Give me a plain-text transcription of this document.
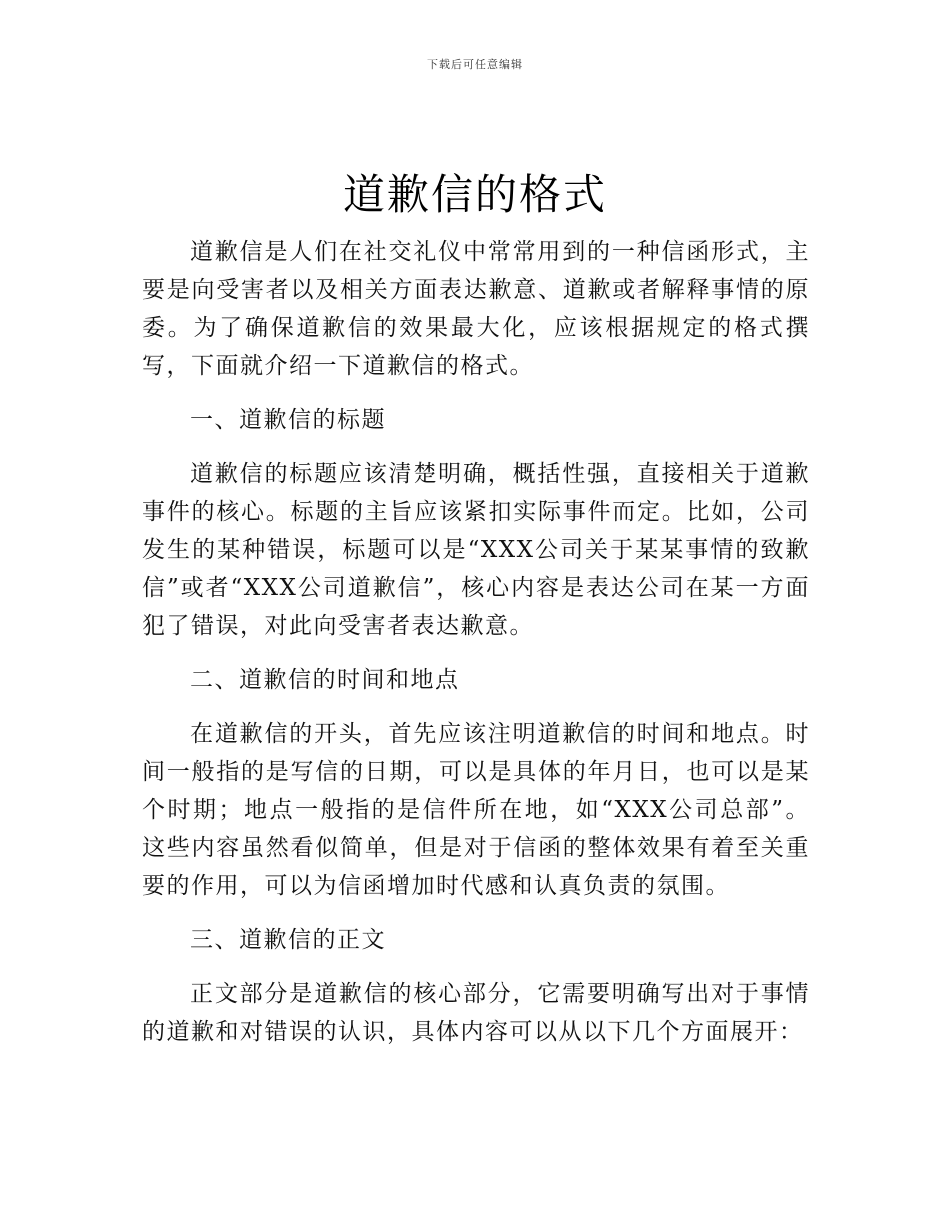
下载后可任意编辑
道歉信的格式

道歉信是人们在社交礼仪中常常用到的一种信函形式，主要是向受害者以及相关方面表达歉意、道歉或者解释事情的原委。为了确保道歉信的效果最大化，应该根据规定的格式撰写，下面就介绍一下道歉信的格式。

一、道歉信的标题

道歉信的标题应该清楚明确，概括性强，直接相关于道歉事件的核心。标题的主旨应该紧扣实际事件而定。比如，公司发生的某种错误，标题可以是“XXX公司关于某某事情的致歉信”或者“XXX公司道歉信”，核心内容是表达公司在某一方面犯了错误，对此向受害者表达歉意。

二、道歉信的时间和地点

在道歉信的开头，首先应该注明道歉信的时间和地点。时间一般指的是写信的日期，可以是具体的年月日，也可以是某个时期；地点一般指的是信件所在地，如“XXX公司总部”。这些内容虽然看似简单，但是对于信函的整体效果有着至关重要的作用，可以为信函增加时代感和认真负责的氛围。

三、道歉信的正文

正文部分是道歉信的核心部分，它需要明确写出对于事情的道歉和对错误的认识，具体内容可以从以下几个方面展开：
